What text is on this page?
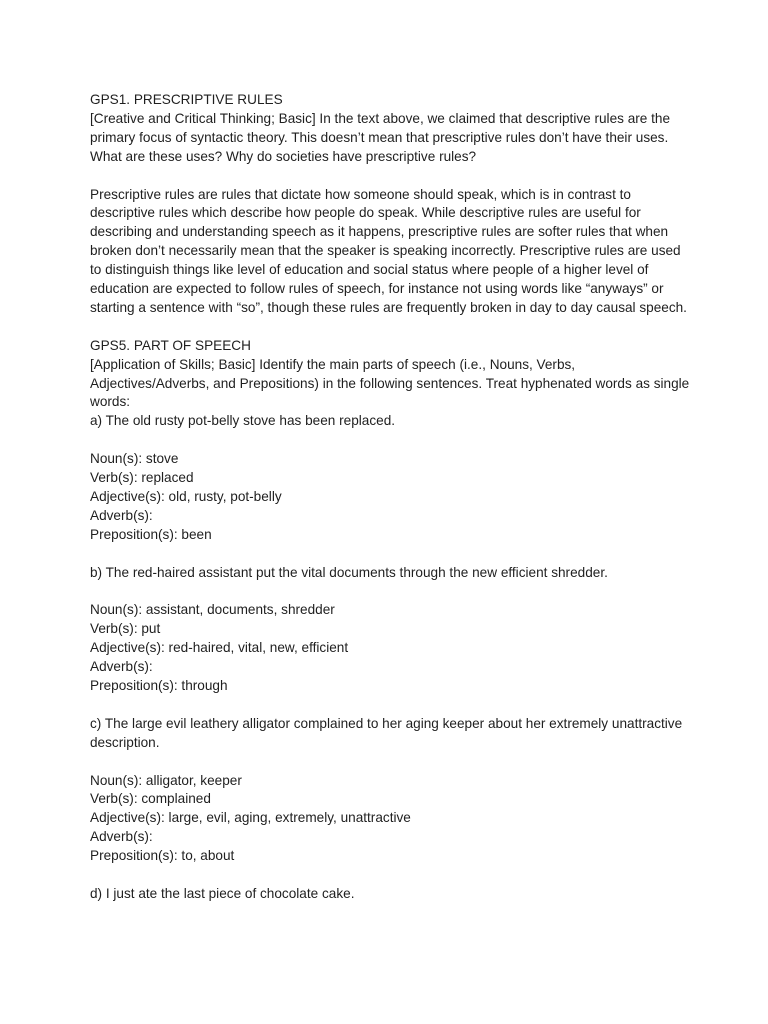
GPS1. PRESCRIPTIVE RULES

[Creative and Critical Thinking; Basic] In the text above, we claimed that descriptive rules are the primary focus of syntactic theory. This doesn’t mean that prescriptive rules don’t have their uses. What are these uses? Why do societies have prescriptive rules?

Prescriptive rules are rules that dictate how someone should speak, which is in contrast to descriptive rules which describe how people do speak. While descriptive rules are useful for describing and understanding speech as it happens, prescriptive rules are softer rules that when broken don’t necessarily mean that the speaker is speaking incorrectly. Prescriptive rules are used to distinguish things like level of education and social status where people of a higher level of education are expected to follow rules of speech, for instance not using words like “anyways” or starting a sentence with “so”, though these rules are frequently broken in day to day causal speech.

GPS5. PART OF SPEECH

[Application of Skills; Basic] Identify the main parts of speech (i.e., Nouns, Verbs, Adjectives/Adverbs, and Prepositions) in the following sentences. Treat hyphenated words as single words:

a) The old rusty pot-belly stove has been replaced.

Noun(s): stove

Verb(s): replaced

Adjective(s): old, rusty, pot-belly

Adverb(s):

Preposition(s): been

b) The red-haired assistant put the vital documents through the new efficient shredder.

Noun(s): assistant, documents, shredder

Verb(s): put

Adjective(s): red-haired, vital, new, efficient

Adverb(s):

Preposition(s): through

c) The large evil leathery alligator complained to her aging keeper about her extremely unattractive description.

Noun(s): alligator, keeper

Verb(s): complained

Adjective(s): large, evil, aging, extremely, unattractive

Adverb(s):

Preposition(s): to, about

d) I just ate the last piece of chocolate cake.
